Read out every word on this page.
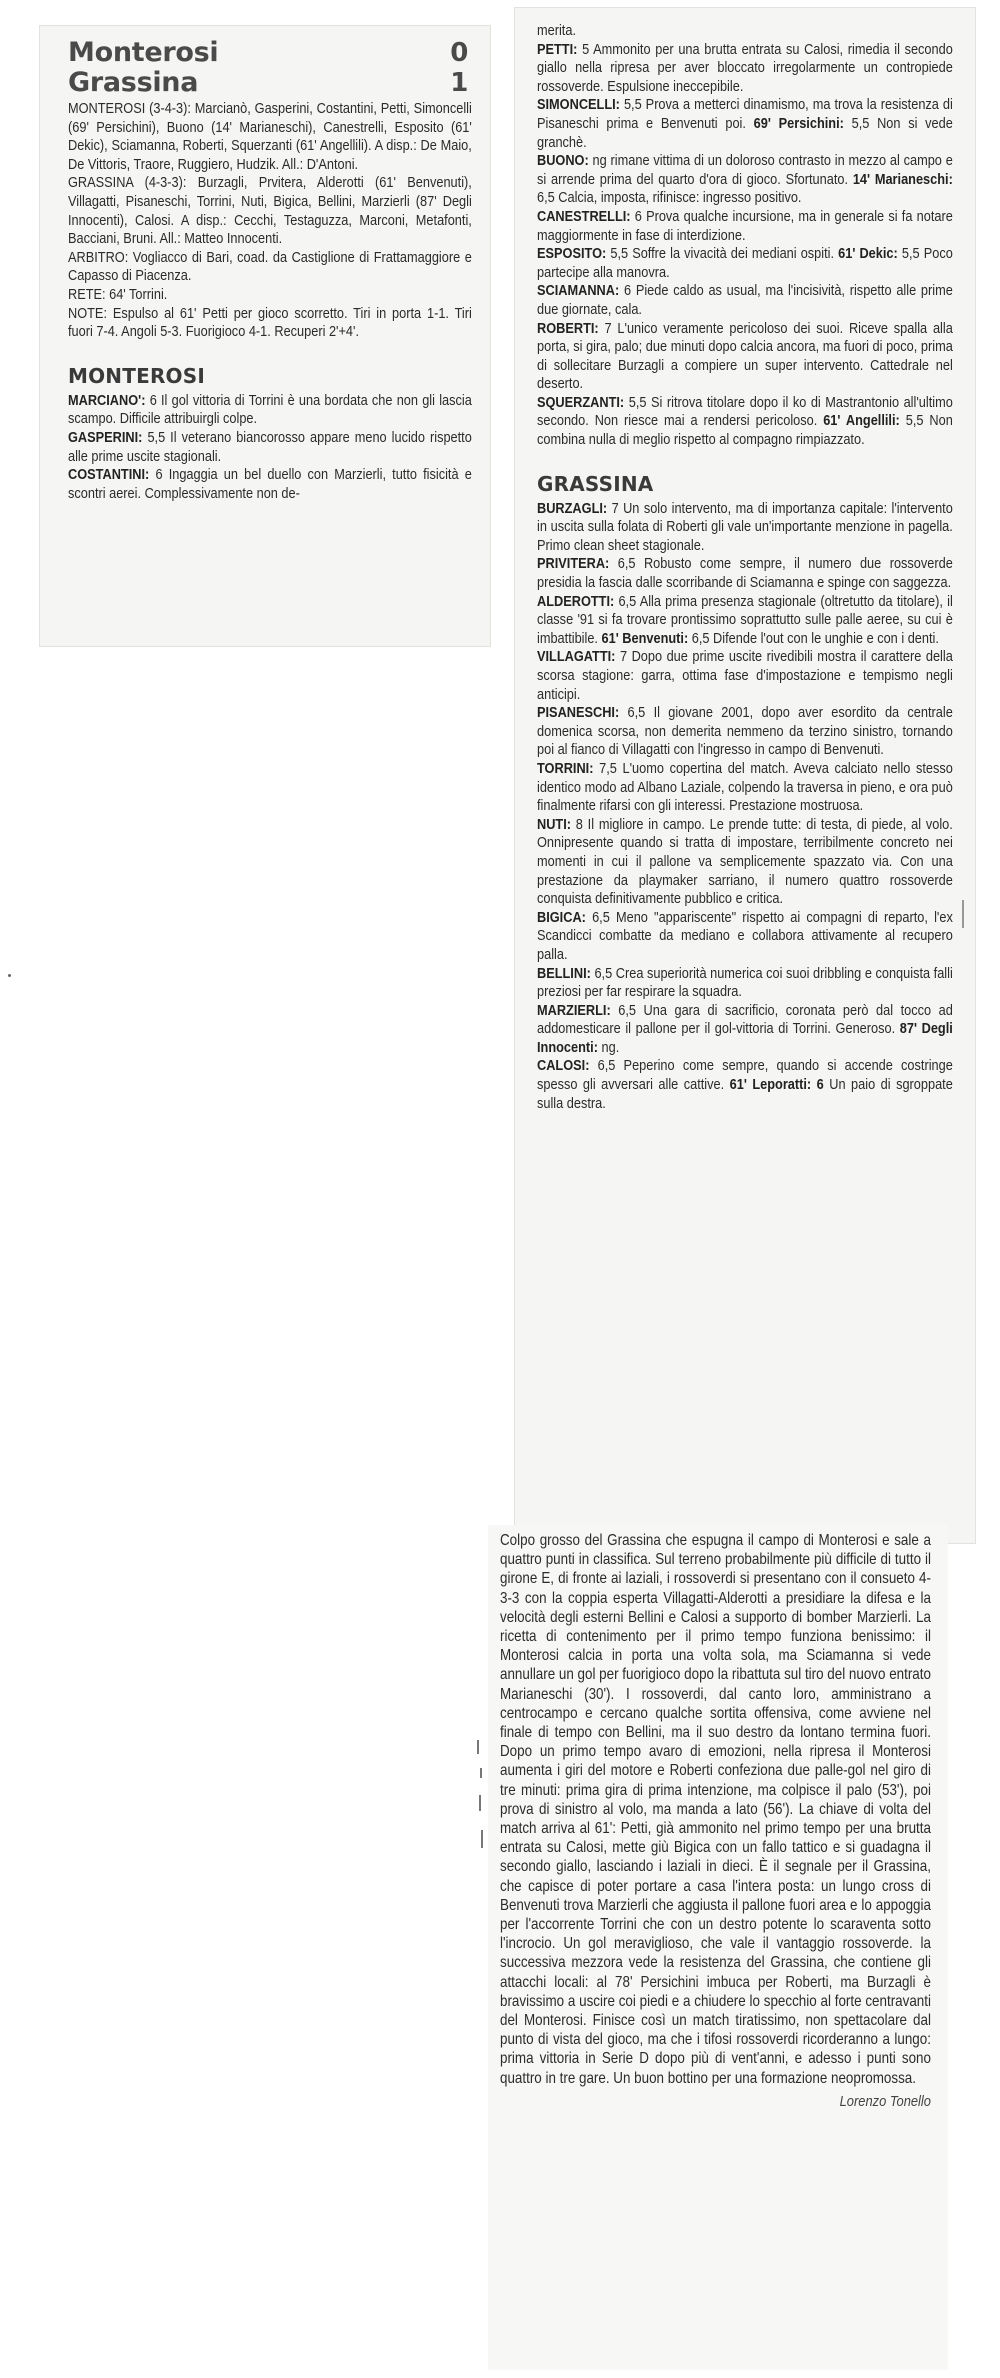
Monterosi	0
Grassina	1

MONTEROSI (3-4-3): Marcianò, Gasperini, Costantini, Petti, Simoncelli (69' Persichini), Buono (14' Marianeschi), Canestrelli, Esposito (61' Dekic), Sciamanna, Roberti, Squerzanti (61' Angellili). A disp.: De Maio, De Vittoris, Traore, Ruggiero, Hudzik. All.: D'Antoni.

GRASSINA (4-3-3): Burzagli, Prvitera, Alderotti (61' Benvenuti), Villagatti, Pisaneschi, Torrini, Nuti, Bigica, Bellini, Marzierli (87' Degli Innocenti), Calosi. A disp.: Cecchi, Testaguzza, Marconi, Metafonti, Bacciani, Bruni. All.: Matteo Innocenti.

ARBITRO: Vogliacco di Bari, coad. da Castiglione di Frattamaggiore e Capasso di Piacenza.

RETE: 64' Torrini.

NOTE: Espulso al 61' Petti per gioco scorretto. Tiri in porta 1-1. Tiri fuori 7-4. Angoli 5-3. Fuorigioco 4-1. Recuperi 2'+4'.

MONTEROSI

MARCIANO': 6 Il gol vittoria di Torrini è una bordata che non gli lascia scampo. Difficile attribuirgli colpe.

GASPERINI: 5,5 Il veterano biancorosso appare meno lucido rispetto alle prime uscite stagionali.

COSTANTINI: 6 Ingaggia un bel duello con Marzierli, tutto fisicità e scontri aerei. Complessivamente non de-

merita.

PETTI: 5 Ammonito per una brutta entrata su Calosi, rimedia il secondo giallo nella ripresa per aver bloccato irregolarmente un contropiede rossoverde. Espulsione ineccepibile.

SIMONCELLI: 5,5 Prova a metterci dinamismo, ma trova la resistenza di Pisaneschi prima e Benvenuti poi. 69' Persichini: 5,5 Non si vede granchè.

BUONO: ng rimane vittima di un doloroso contrasto in mezzo al campo e si arrende prima del quarto d'ora di gioco. Sfortunato. 14' Marianeschi: 6,5 Calcia, imposta, rifinisce: ingresso positivo.

CANESTRELLI: 6 Prova qualche incursione, ma in generale si fa notare maggiormente in fase di interdizione.

ESPOSITO: 5,5 Soffre la vivacità dei mediani ospiti. 61' Dekic: 5,5 Poco partecipe alla manovra.

SCIAMANNA: 6 Piede caldo as usual, ma l'incisività, rispetto alle prime due giornate, cala.

ROBERTI: 7 L'unico veramente pericoloso dei suoi. Riceve spalla alla porta, si gira, palo; due minuti dopo calcia ancora, ma fuori di poco, prima di sollecitare Burzagli a compiere un super intervento. Cattedrale nel deserto.

SQUERZANTI: 5,5 Si ritrova titolare dopo il ko di Mastrantonio all'ultimo secondo. Non riesce mai a rendersi pericoloso. 61' Angellili: 5,5 Non combina nulla di meglio rispetto al compagno rimpiazzato.

GRASSINA

BURZAGLI: 7 Un solo intervento, ma di importanza capitale: l'intervento in uscita sulla folata di Roberti gli vale un'importante menzione in pagella. Primo clean sheet stagionale.

PRIVITERA: 6,5 Robusto come sempre, il numero due rossoverde presidia la fascia dalle scorribande di Sciamanna e spinge con saggezza.

ALDEROTTI: 6,5 Alla prima presenza stagionale (oltretutto da titolare), il classe '91 si fa trovare prontissimo soprattutto sulle palle aeree, su cui è imbattibile. 61' Benvenuti: 6,5 Difende l'out con le unghie e con i denti.

VILLAGATTI: 7 Dopo due prime uscite rivedibili mostra il carattere della scorsa stagione: garra, ottima fase d'impostazione e tempismo negli anticipi.

PISANESCHI: 6,5 Il giovane 2001, dopo aver esordito da centrale domenica scorsa, non demerita nemmeno da terzino sinistro, tornando poi al fianco di Villagatti con l'ingresso in campo di Benvenuti.

TORRINI: 7,5 L'uomo copertina del match. Aveva calciato nello stesso identico modo ad Albano Laziale, colpendo la traversa in pieno, e ora può finalmente rifarsi con gli interessi. Prestazione mostruosa.

NUTI: 8 Il migliore in campo. Le prende tutte: di testa, di piede, al volo. Onnipresente quando si tratta di impostare, terribilmente concreto nei momenti in cui il pallone va semplicemente spazzato via. Con una prestazione da playmaker sarriano, il numero quattro rossoverde conquista definitivamente pubblico e critica.

BIGICA: 6,5 Meno "appariscente" rispetto ai compagni di reparto, l'ex Scandicci combatte da mediano e collabora attivamente al recupero palla.

BELLINI: 6,5 Crea superiorità numerica coi suoi dribbling e conquista falli preziosi per far respirare la squadra.

MARZIERLI: 6,5 Una gara di sacrificio, coronata però dal tocco ad addomesticare il pallone per il gol-vittoria di Torrini. Generoso. 87' Degli Innocenti: ng.

CALOSI: 6,5 Peperino come sempre, quando si accende costringe spesso gli avversari alle cattive. 61' Leporatti: 6 Un paio di sgroppate sulla destra.

Colpo grosso del Grassina che espugna il campo di Monterosi e sale a quattro punti in classifica. Sul terreno probabilmente più difficile di tutto il girone E, di fronte ai laziali, i rossoverdi si presentano con il consueto 4-3-3 con la coppia esperta Villagatti-Alderotti a presidiare la difesa e la velocità degli esterni Bellini e Calosi a supporto di bomber Marzierli. La ricetta di contenimento per il primo tempo funziona benissimo: il Monterosi calcia in porta una volta sola, ma Sciamanna si vede annullare un gol per fuorigioco dopo la ribattuta sul tiro del nuovo entrato Marianeschi (30'). I rossoverdi, dal canto loro, amministrano a centrocampo e cercano qualche sortita offensiva, come avviene nel finale di tempo con Bellini, ma il suo destro da lontano termina fuori. Dopo un primo tempo avaro di emozioni, nella ripresa il Monterosi aumenta i giri del motore e Roberti confeziona due palle-gol nel giro di tre minuti: prima gira di prima intenzione, ma colpisce il palo (53'), poi prova di sinistro al volo, ma manda a lato (56'). La chiave di volta del match arriva al 61': Petti, già ammonito nel primo tempo per una brutta entrata su Calosi, mette giù Bigica con un fallo tattico e si guadagna il secondo giallo, lasciando i laziali in dieci. È il segnale per il Grassina, che capisce di poter portare a casa l'intera posta: un lungo cross di Benvenuti trova Marzierli che aggiusta il pallone fuori area e lo appoggia per l'accorrente Torrini che con un destro potente lo scaraventa sotto l'incrocio. Un gol meraviglioso, che vale il vantaggio rossoverde. la successiva mezzora vede la resistenza del Grassina, che contiene gli attacchi locali: al 78' Persichini imbuca per Roberti, ma Burzagli è bravissimo a uscire coi piedi e a chiudere lo specchio al forte centravanti del Monterosi. Finisce così un match tiratissimo, non spettacolare dal punto di vista del gioco, ma che i tifosi rossoverdi ricorderanno a lungo: prima vittoria in Serie D dopo più di vent'anni, e adesso i punti sono quattro in tre gare. Un buon bottino per una formazione neopromossa.

Lorenzo Tonello
